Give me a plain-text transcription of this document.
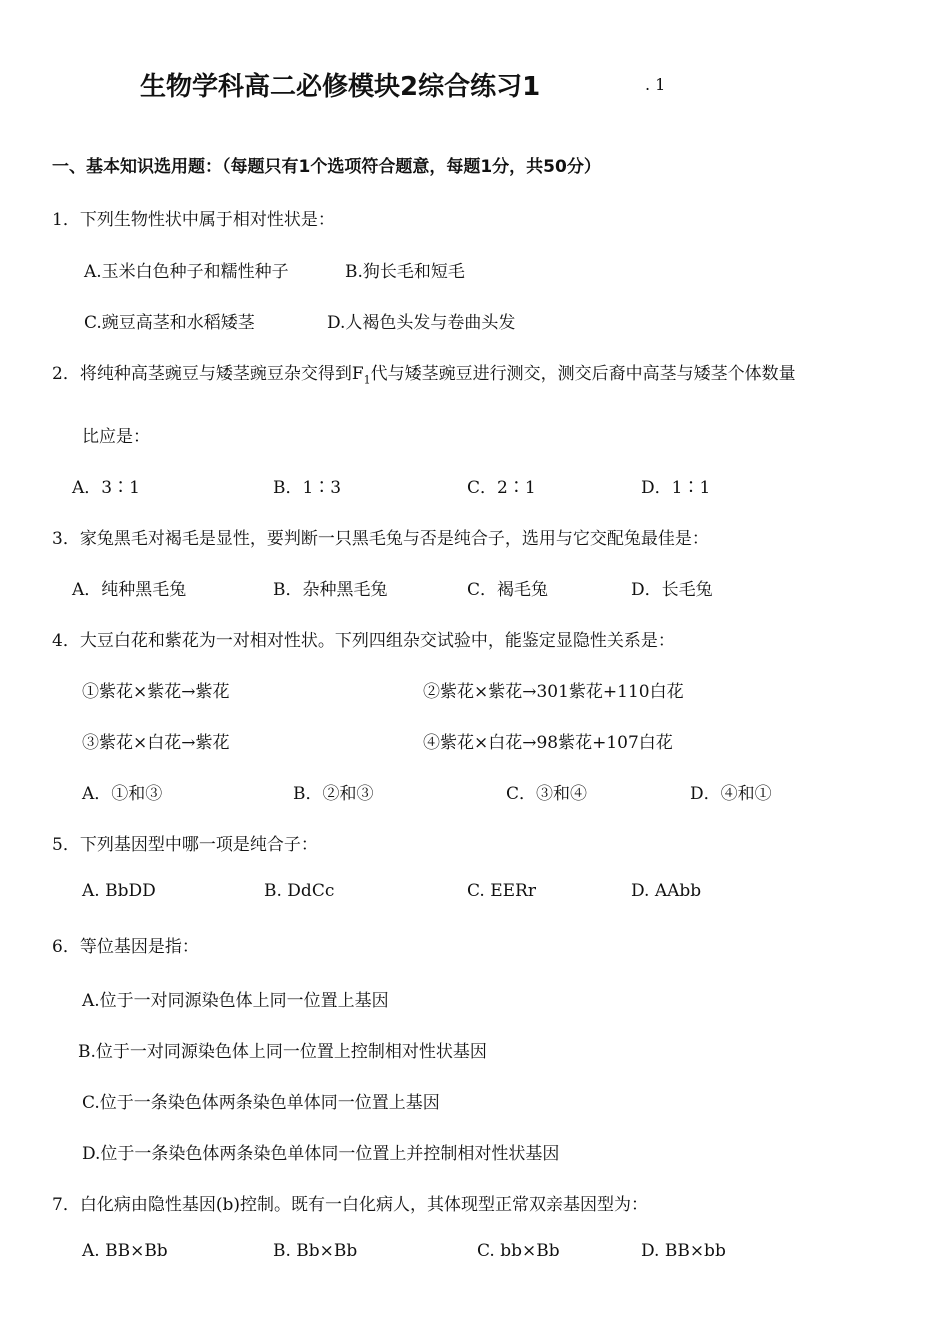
生物学科高二必修模块2综合练习1	. 1
一、基本知识选用题：（每题只有1个选项符合题意，每题1分，共50分）
1．下列生物性状中属于相对性状是：
A.玉米白色种子和糯性种子	B.狗长毛和短毛
C.豌豆高茎和水稻矮茎	D.人褐色头发与卷曲头发
2．将纯种高茎豌豆与矮茎豌豆杂交得到$F_1$代与矮茎豌豆进行测交，测交后裔中高茎与矮茎个体数量
比应是：
A．3∶1	B．1∶3	C．2∶1	D．1∶1
3．家兔黑毛对褐毛是显性，要判断一只黑毛兔与否是纯合子，选用与它交配兔最佳是：
A．纯种黑毛兔	B．杂种黑毛兔	C．褐毛兔	D．长毛兔
4．大豆白花和紫花为一对相对性状。下列四组杂交试验中，能鉴定显隐性关系是：
①紫花×紫花→紫花	②紫花×紫花→301紫花+110白花
③紫花×白花→紫花	④紫花×白花→98紫花+107白花
A．①和③	B．②和③	C．③和④	D．④和①
5．下列基因型中哪一项是纯合子：
A. BbDD	B. DdCc	C. EERr	D. AAbb
6．等位基因是指：
A.位于一对同源染色体上同一位置上基因
B.位于一对同源染色体上同一位置上控制相对性状基因
C.位于一条染色体两条染色单体同一位置上基因
D.位于一条染色体两条染色单体同一位置上并控制相对性状基因
7．白化病由隐性基因(b)控制。既有一白化病人，其体现型正常双亲基因型为：
A. BB×Bb	B. Bb×Bb	C. bb×Bb	D. BB×bb
